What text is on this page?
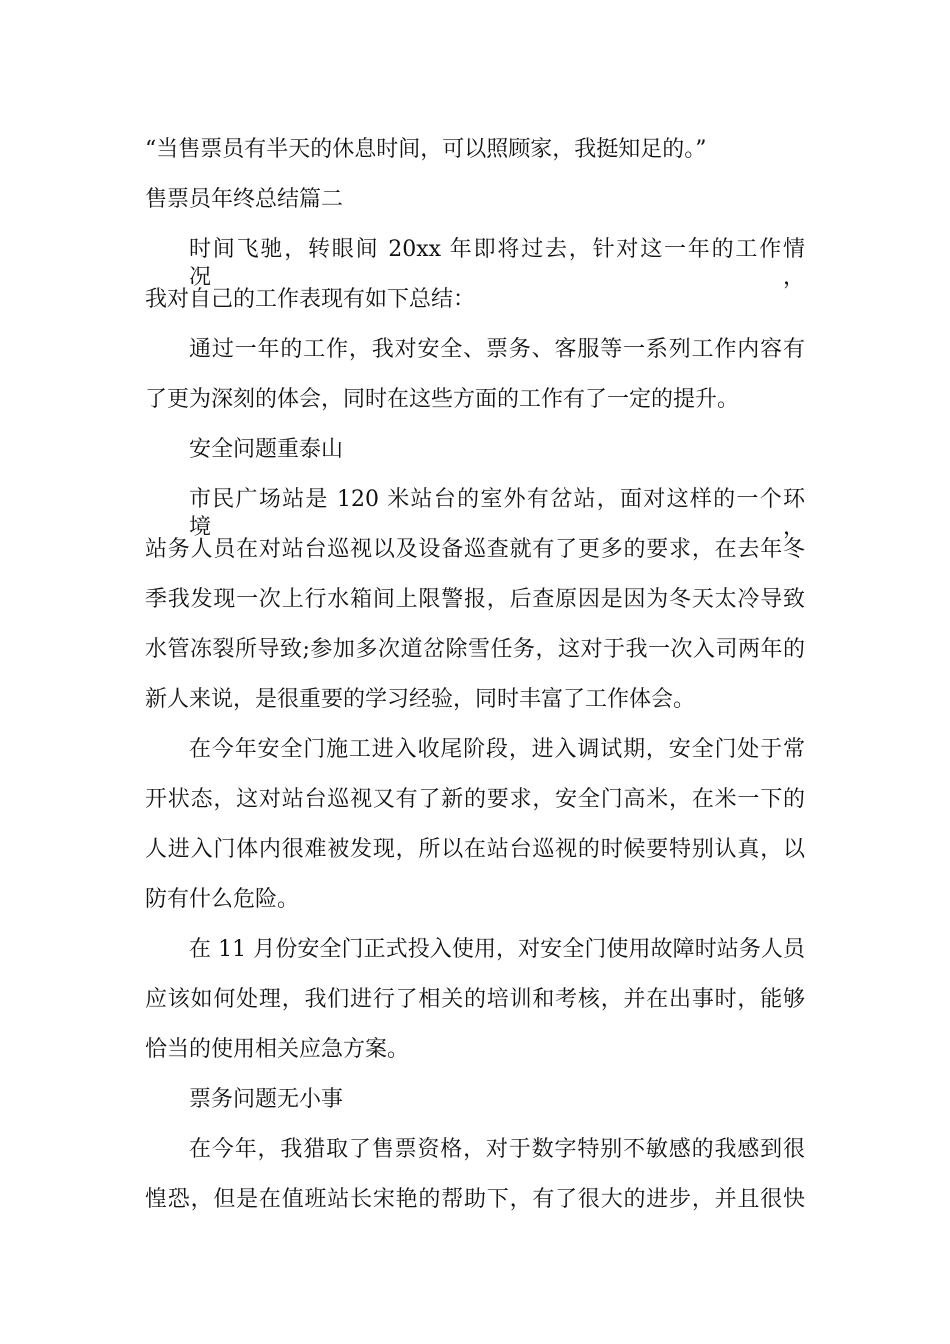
“当售票员有半天的休息时间，可以照顾家，我挺知足的。”

售票员年终总结篇二

时间飞驰，转眼间 20xx 年即将过去，针对这一年的工作情况，

我对自己的工作表现有如下总结：

通过一年的工作，我对安全、票务、客服等一系列工作内容有

了更为深刻的体会，同时在这些方面的工作有了一定的提升。

安全问题重泰山

市民广场站是 120 米站台的室外有岔站，面对这样的一个环境，

站务人员在对站台巡视以及设备巡查就有了更多的要求，在去年冬

季我发现一次上行水箱间上限警报，后查原因是因为冬天太冷导致

水管冻裂所导致;参加多次道岔除雪任务，这对于我一次入司两年的

新人来说，是很重要的学习经验，同时丰富了工作体会。

在今年安全门施工进入收尾阶段，进入调试期，安全门处于常

开状态，这对站台巡视又有了新的要求，安全门高米，在米一下的

人进入门体内很难被发现，所以在站台巡视的时候要特别认真，以

防有什么危险。

在 11 月份安全门正式投入使用，对安全门使用故障时站务人员

应该如何处理，我们进行了相关的培训和考核，并在出事时，能够

恰当的使用相关应急方案。

票务问题无小事

在今年，我猎取了售票资格，对于数字特别不敏感的我感到很

惶恐，但是在值班站长宋艳的帮助下，有了很大的进步，并且很快
